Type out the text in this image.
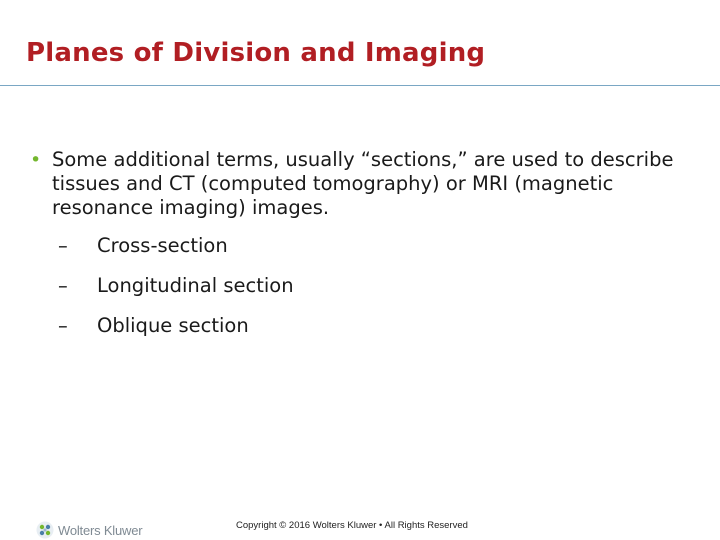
Planes of Division and Imaging
• Some additional terms, usually “sections,” are used to describe tissues and CT (computed tomography) or MRI (magnetic resonance imaging) images.
– Cross-section
– Longitudinal section
– Oblique section
Wolters Kluwer	Copyright © 2016 Wolters Kluwer • All Rights Reserved
